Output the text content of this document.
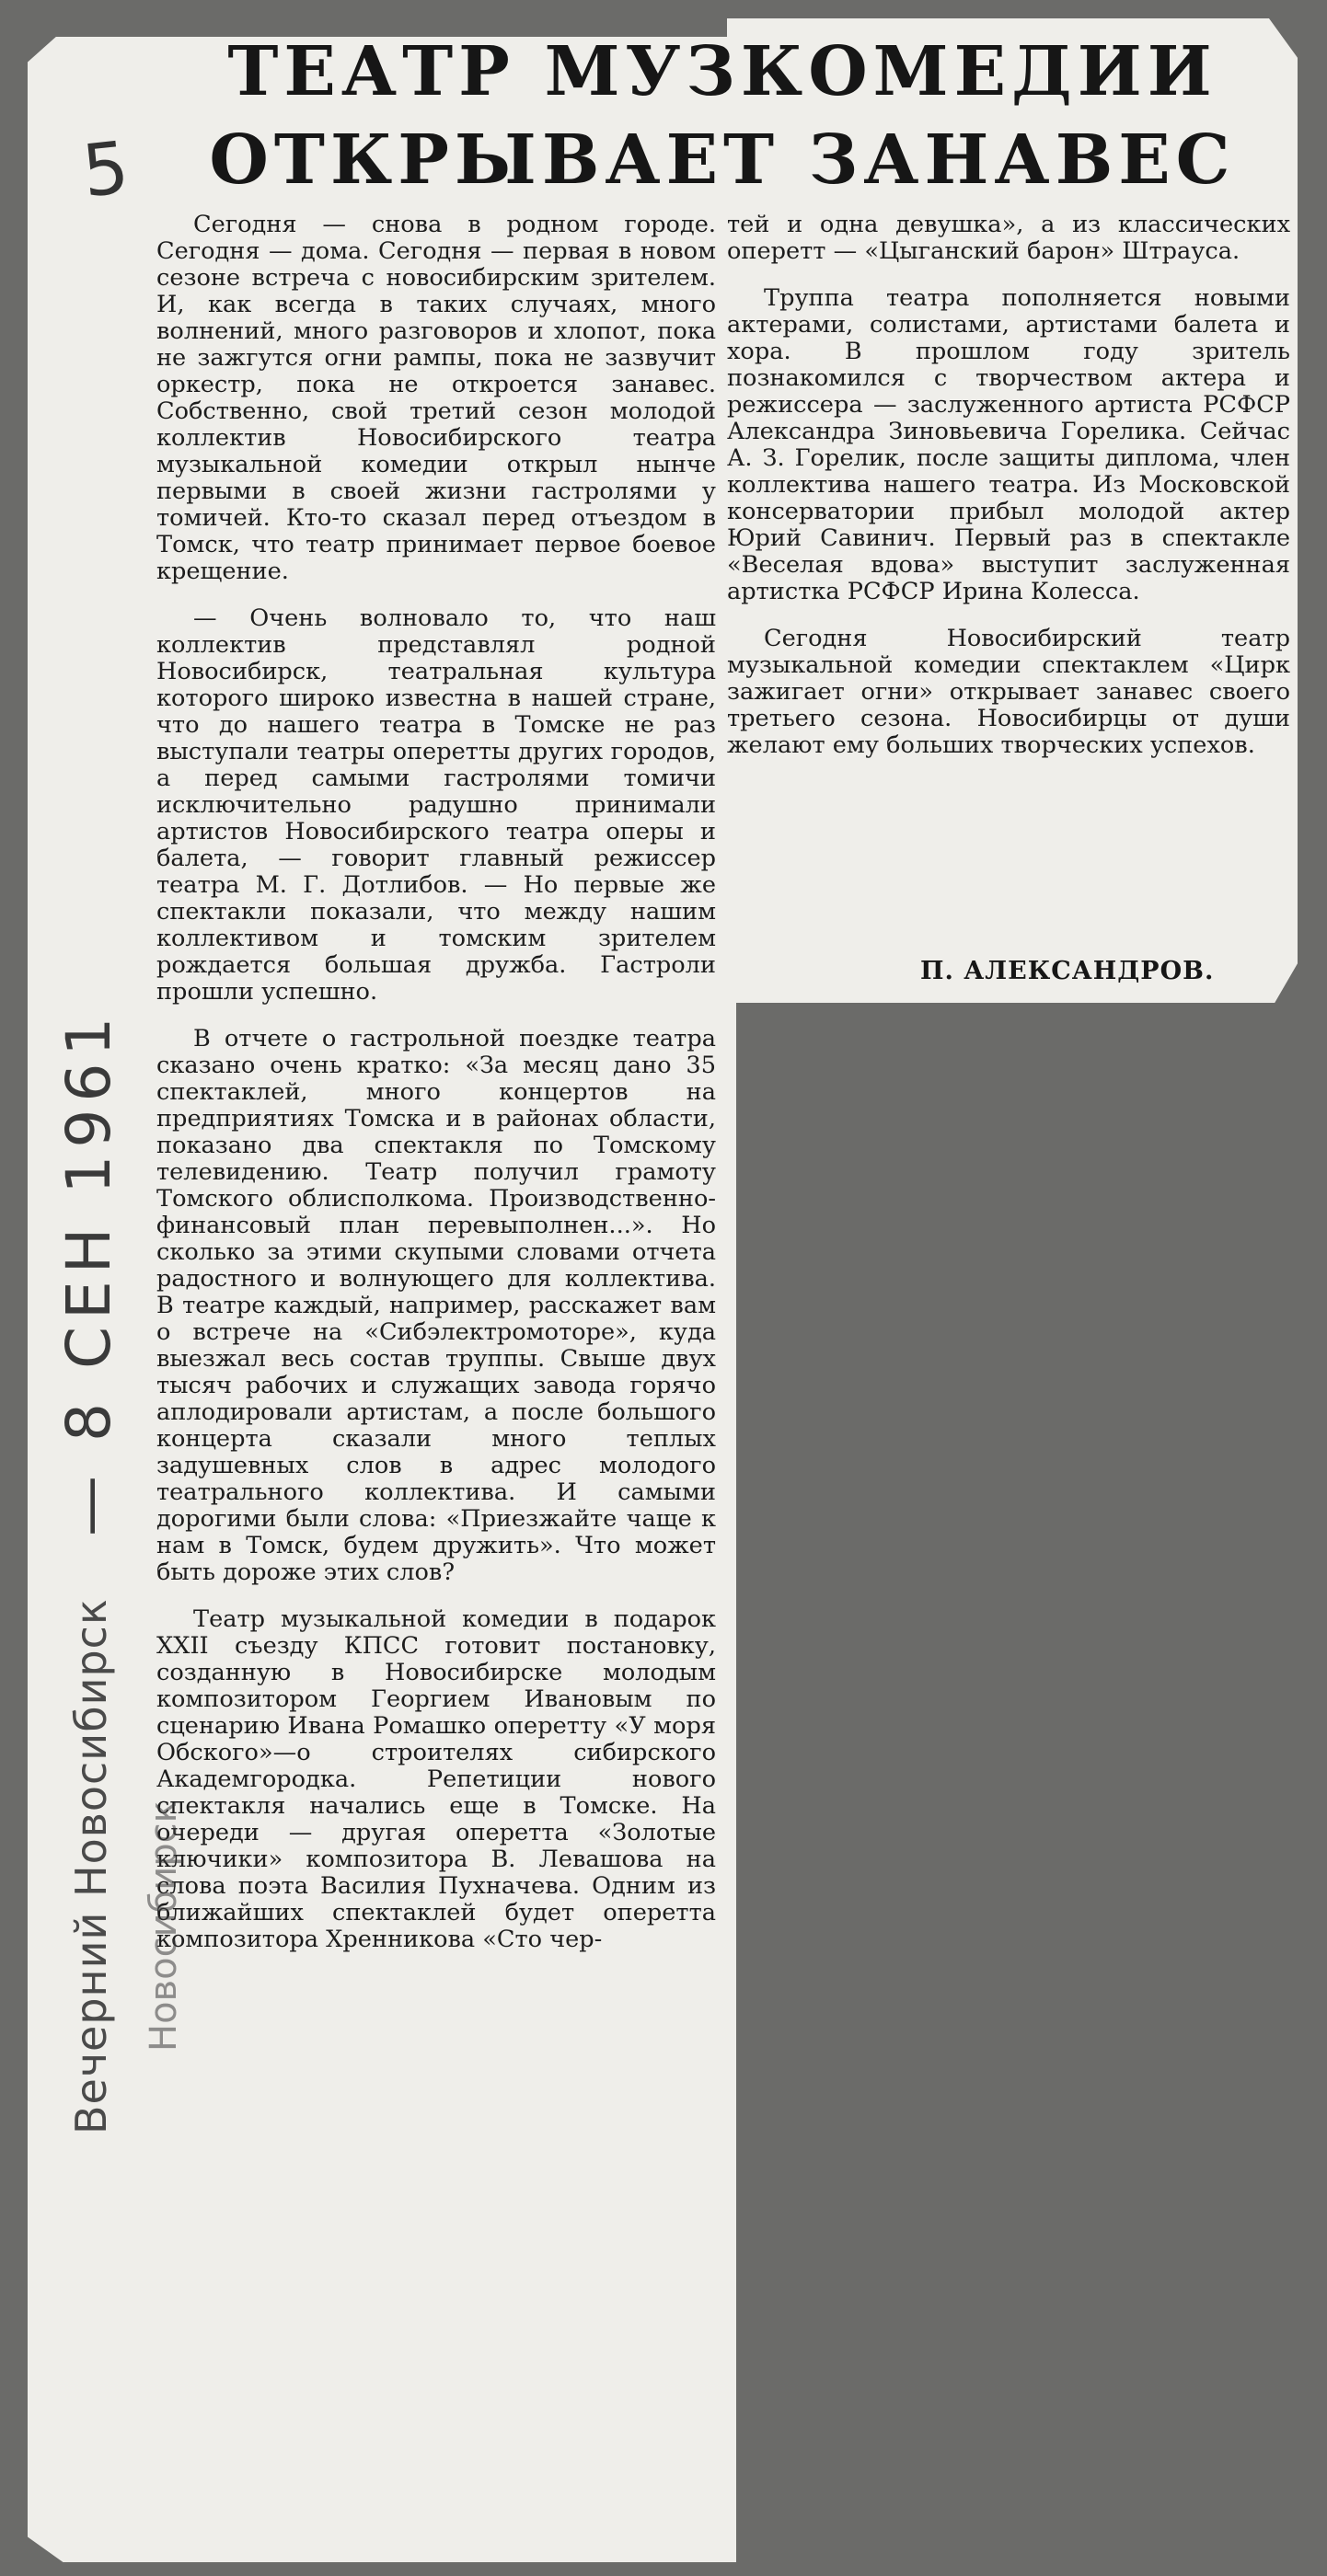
5
ТЕАТР МУЗКОМЕДИИ
ОТКРЫВАЕТ ЗАНАВЕС

Сегодня — снова в родном городе. Сегодня — дома. Сегодня — первая в новом сезоне встреча с новосибирским зрителем. И, как всегда в таких случаях, много волнений, много разговоров и хлопот, пока не зажгутся огни рампы, пока не зазвучит оркестр, пока не откроется занавес. Собственно, свой третий сезон молодой коллектив Новосибирского театра музыкальной комедии открыл нынче первыми в своей жизни гастролями у томичей. Кто-то сказал перед отъездом в Томск, что театр принимает первое боевое крещение.

— Очень волновало то, что наш коллектив представлял родной Новосибирск, театральная культура которого широко известна в нашей стране, что до нашего театра в Томске не раз выступали театры оперетты других городов, а перед самыми гастролями томичи исключительно радушно принимали артистов Новосибирского театра оперы и балета, — говорит главный режиссер театра М. Г. Дотлибов. — Но первые же спектакли показали, что между нашим коллективом и томским зрителем рождается большая дружба. Гастроли прошли успешно.

В отчете о гастрольной поездке театра сказано очень кратко: «За месяц дано 35 спектаклей, много концертов на предприятиях Томска и в районах области, показано два спектакля по Томскому телевидению. Театр получил грамоту Томского облисполкома. Производственно-финансовый план перевыполнен...». Но сколько за этими скупыми словами отчета радостного и волнующего для коллектива. В театре каждый, например, расскажет вам о встрече на «Сибэлектромоторе», куда выезжал весь состав труппы. Свыше двух тысяч рабочих и служащих завода горячо аплодировали артистам, а после большого концерта сказали много теплых задушевных слов в адрес молодого театрального коллектива. И самыми дорогими были слова: «Приезжайте чаще к нам в Томск, будем дружить». Что может быть дороже этих слов?

Театр музыкальной комедии в подарок XXII съезду КПСС готовит постановку, созданную в Новосибирске молодым композитором Георгием Ивановым по сценарию Ивана Ромашко оперетту «У моря Обского»—о строителях сибирского Академгородка. Репетиции нового спектакля начались еще в Томске. На очереди — другая оперетта «Золотые ключики» композитора В. Левашова на слова поэта Василия Пухначева. Одним из ближайших спектаклей будет оперетта композитора Хренникова «Сто чер-

тей и одна девушка», а из классических оперетт — «Цыганский барон» Штрауса.

Труппа театра пополняется новыми актерами, солистами, артистами балета и хора. В прошлом году зритель познакомился с творчеством актера и режиссера — заслуженного артиста РСФСР Александра Зиновьевича Горелика. Сейчас А. З. Горелик, после защиты диплома, член коллектива нашего театра. Из Московской консерватории прибыл молодой актер Юрий Савинич. Первый раз в спектакле «Веселая вдова» выступит заслуженная артистка РСФСР Ирина Колесса.

Сегодня Новосибирский театр музыкальной комедии спектаклем «Цирк зажигает огни» открывает занавес своего третьего сезона. Новосибирцы от души желают ему больших творческих успехов.

П. АЛЕКСАНДРОВ.
— 8 СЕН 1961
Вечерний Новосибирск Новосибирск
